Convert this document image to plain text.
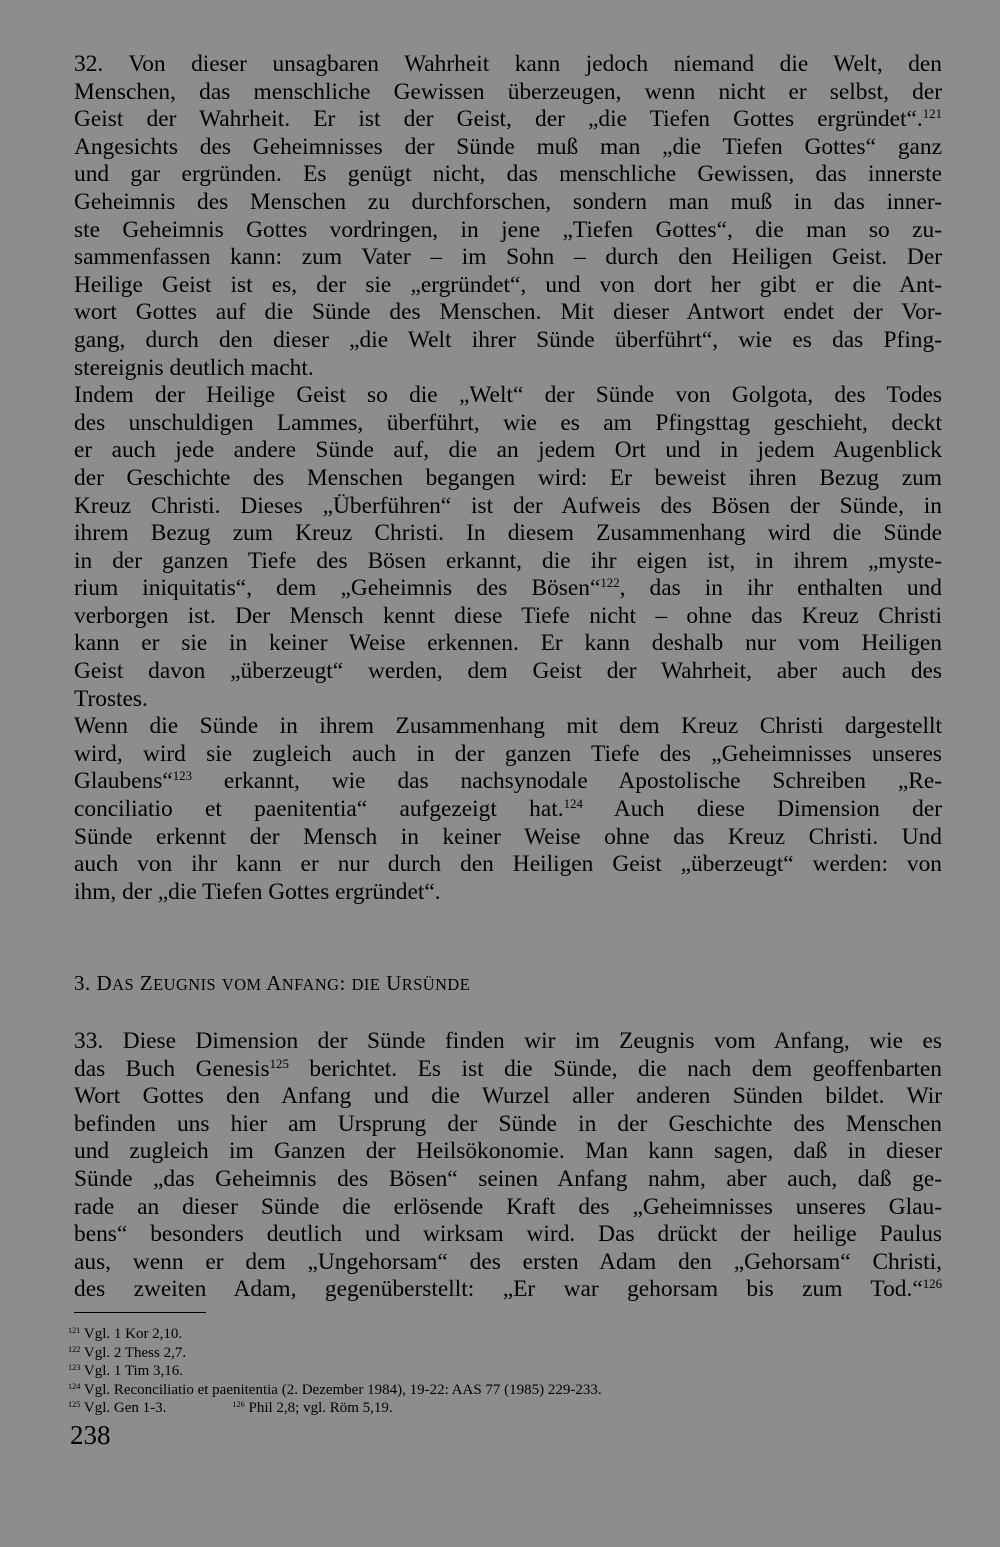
32. Von dieser unsagbaren Wahrheit kann jedoch niemand die Welt, den
Menschen, das menschliche Gewissen überzeugen, wenn nicht er selbst, der
Geist der Wahrheit. Er ist der Geist, der „die Tiefen Gottes ergründet“.$^{121}$
Angesichts des Geheimnisses der Sünde muß man „die Tiefen Gottes“ ganz
und gar ergründen. Es genügt nicht, das menschliche Gewissen, das innerste
Geheimnis des Menschen zu durchforschen, sondern man muß in das inner-
ste Geheimnis Gottes vordringen, in jene „Tiefen Gottes“, die man so zu-
sammenfassen kann: zum Vater – im Sohn – durch den Heiligen Geist. Der
Heilige Geist ist es, der sie „ergründet“, und von dort her gibt er die Ant-
wort Gottes auf die Sünde des Menschen. Mit dieser Antwort endet der Vor-
gang, durch den dieser „die Welt ihrer Sünde überführt“, wie es das Pfing-
stereignis deutlich macht.
Indem der Heilige Geist so die „Welt“ der Sünde von Golgota, des Todes
des unschuldigen Lammes, überführt, wie es am Pfingsttag geschieht, deckt
er auch jede andere Sünde auf, die an jedem Ort und in jedem Augenblick
der Geschichte des Menschen begangen wird: Er beweist ihren Bezug zum
Kreuz Christi. Dieses „Überführen“ ist der Aufweis des Bösen der Sünde, in
ihrem Bezug zum Kreuz Christi. In diesem Zusammenhang wird die Sünde
in der ganzen Tiefe des Bösen erkannt, die ihr eigen ist, in ihrem „myste-
rium iniquitatis“, dem „Geheimnis des Bösen“$^{122}$, das in ihr enthalten und
verborgen ist. Der Mensch kennt diese Tiefe nicht – ohne das Kreuz Christi
kann er sie in keiner Weise erkennen. Er kann deshalb nur vom Heiligen
Geist davon „überzeugt“ werden, dem Geist der Wahrheit, aber auch des
Trostes.
Wenn die Sünde in ihrem Zusammenhang mit dem Kreuz Christi dargestellt
wird, wird sie zugleich auch in der ganzen Tiefe des „Geheimnisses unseres
Glaubens“$^{123}$ erkannt, wie das nachsynodale Apostolische Schreiben „Re-
conciliatio et paenitentia“ aufgezeigt hat.$^{124}$ Auch diese Dimension der
Sünde erkennt der Mensch in keiner Weise ohne das Kreuz Christi. Und
auch von ihr kann er nur durch den Heiligen Geist „überzeugt“ werden: von
ihm, der „die Tiefen Gottes ergründet“.
3. DAS ZEUGNIS VOM ANFANG: DIE URSÜNDE
33. Diese Dimension der Sünde finden wir im Zeugnis vom Anfang, wie es
das Buch Genesis$^{125}$ berichtet. Es ist die Sünde, die nach dem geoffenbarten
Wort Gottes den Anfang und die Wurzel aller anderen Sünden bildet. Wir
befinden uns hier am Ursprung der Sünde in der Geschichte des Menschen
und zugleich im Ganzen der Heilsökonomie. Man kann sagen, daß in dieser
Sünde „das Geheimnis des Bösen“ seinen Anfang nahm, aber auch, daß ge-
rade an dieser Sünde die erlösende Kraft des „Geheimnisses unseres Glau-
bens“ besonders deutlich und wirksam wird. Das drückt der heilige Paulus
aus, wenn er dem „Ungehorsam“ des ersten Adam den „Gehorsam“ Christi,
des zweiten Adam, gegenüberstellt: „Er war gehorsam bis zum Tod.“$^{126}$
$^{121}$ Vgl. 1 Kor 2,10.
$^{122}$ Vgl. 2 Thess 2,7.
$^{123}$ Vgl. 1 Tim 3,16.
$^{124}$ Vgl. Reconciliatio et paenitentia (2. Dezember 1984), 19-22: AAS 77 (1985) 229-233.
$^{125}$ Vgl. Gen 1-3.	$^{126}$ Phil 2,8; vgl. Röm 5,19.
238
